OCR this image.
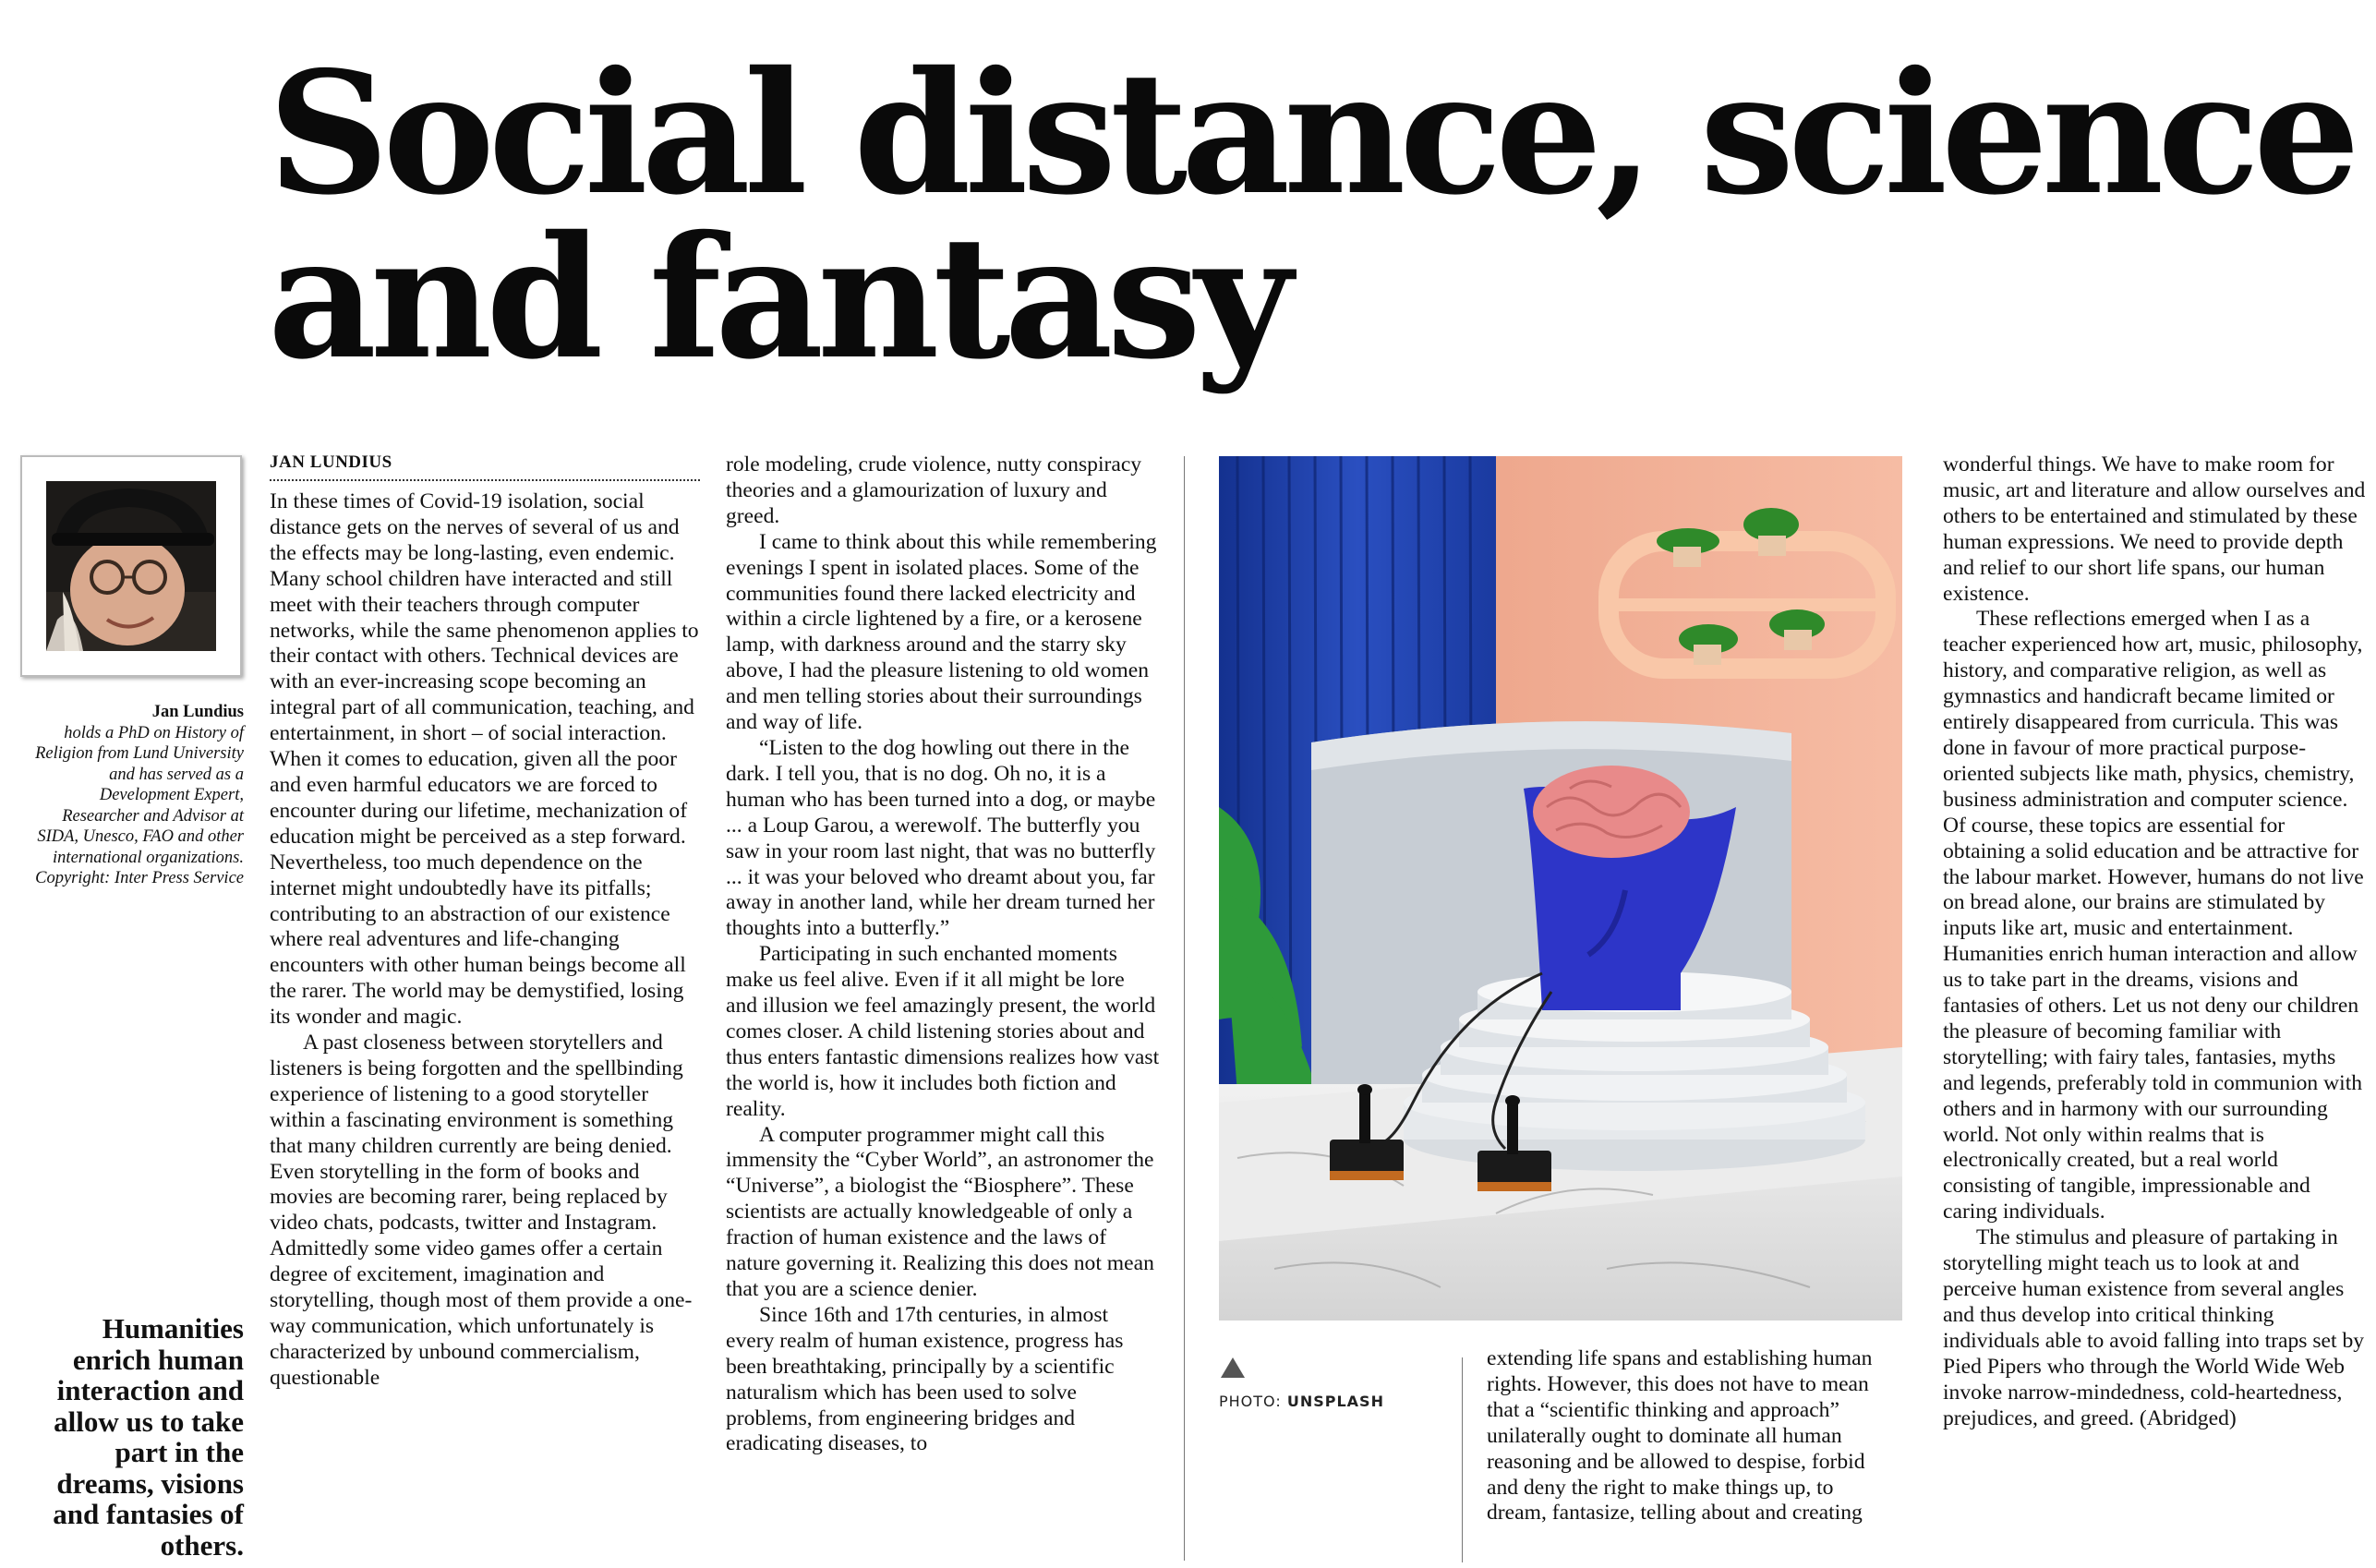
Social distance, science
and fantasy
Jan Lundius
holds a PhD on History of Religion from Lund University and has served as a Development Expert, Researcher and Advisor at SIDA, Unesco, FAO and other international organizations. Copyright: Inter Press Service
Humanities enrich human interaction and allow us to take part in the dreams, visions and fantasies of others.
JAN LUNDIUS

In these times of Covid-19 isolation, social distance gets on the nerves of several of us and the effects may be long-lasting, even endemic. Many school children have interacted and still meet with their teachers through computer networks, while the same phenomenon applies to their contact with others. Technical devices are with an ever-increasing scope becoming an integral part of all communication, teaching, and entertainment, in short – of social interaction. When it comes to education, given all the poor and even harmful educators we are forced to encounter during our lifetime, mechanization of education might be perceived as a step forward. Nevertheless, too much dependence on the internet might undoubtedly have its pitfalls; contributing to an abstraction of our existence where real adventures and life-changing encounters with other human beings become all the rarer. The world may be demystified, losing its wonder and magic.

A past closeness between storytellers and listeners is being forgotten and the spellbinding experience of listening to a good storyteller within a fascinating environment is something that many children currently are being denied. Even storytelling in the form of books and movies are becoming rarer, being replaced by video chats, podcasts, twitter and Instagram. Admittedly some video games offer a certain degree of excitement, imagination and storytelling, though most of them provide a one-way communication, which unfortunately is characterized by unbound commercialism, questionable

role modeling, crude violence, nutty conspiracy theories and a glamourization of luxury and greed.

I came to think about this while remembering evenings I spent in isolated places. Some of the communities found there lacked electricity and within a circle lightened by a fire, or a kerosene lamp, with darkness around and the starry sky above, I had the pleasure listening to old women and men telling stories about their surroundings and way of life.

“Listen to the dog howling out there in the dark. I tell you, that is no dog. Oh no, it is a human who has been turned into a dog, or maybe ... a Loup Garou, a werewolf. The butterfly you saw in your room last night, that was no butterfly ... it was your beloved who dreamt about you, far away in another land, while her dream turned her thoughts into a butterfly.”

Participating in such enchanted moments make us feel alive. Even if it all might be lore and illusion we feel amazingly present, the world comes closer. A child listening stories about and thus enters fantastic dimensions realizes how vast the world is, how it includes both fiction and reality.

A computer programmer might call this immensity the “Cyber World”, an astronomer the “Universe”, a biologist the “Biosphere”. These scientists are actually knowledgeable of only a fraction of human existence and the laws of nature governing it. Realizing this does not mean that you are a science denier.

Since 16th and 17th centuries, in almost every realm of human existence, progress has been breathtaking, principally by a scientific naturalism which has been used to solve problems, from engineering bridges and eradicating diseases, to

PHOTO: UNSPLASH

extending life spans and establishing human rights. However, this does not have to mean that a “scientific thinking and approach” unilaterally ought to dominate all human reasoning and be allowed to despise, forbid and deny the right to make things up, to dream, fantasize, telling about and creating

wonderful things. We have to make room for music, art and literature and allow ourselves and others to be entertained and stimulated by these human expressions. We need to provide depth and relief to our short life spans, our human existence.

These reflections emerged when I as a teacher experienced how art, music, philosophy, history, and comparative religion, as well as gymnastics and handicraft became limited or entirely disappeared from curricula. This was done in favour of more practical purpose-oriented subjects like math, physics, chemistry, business administration and computer science. Of course, these topics are essential for obtaining a solid education and be attractive for the labour market. However, humans do not live on bread alone, our brains are stimulated by inputs like art, music and entertainment. Humanities enrich human interaction and allow us to take part in the dreams, visions and fantasies of others. Let us not deny our children the pleasure of becoming familiar with storytelling; with fairy tales, fantasies, myths and legends, preferably told in communion with others and in harmony with our surrounding world. Not only within realms that is electronically created, but a real world consisting of tangible, impressionable and caring individuals.

The stimulus and pleasure of partaking in storytelling might teach us to look at and perceive human existence from several angles and thus develop into critical thinking individuals able to avoid falling into traps set by Pied Pipers who through the World Wide Web invoke narrow-mindedness, cold-heartedness, prejudices, and greed. (Abridged)
